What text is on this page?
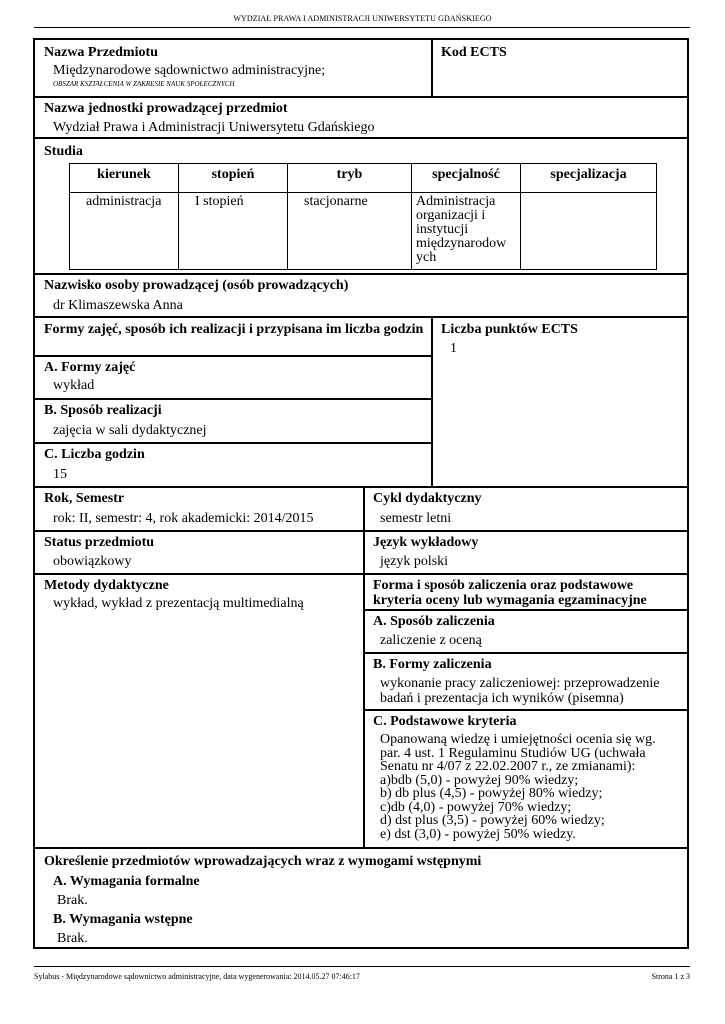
WYDZIAŁ PRAWA I ADMINISTRACJI UNIWERSYTETU GDAŃSKIEGO
Nazwa Przedmiotu
Międzynarodowe sądownictwo administracyjne;
OBSZAR KSZTAŁCENIA W ZAKRESIE NAUK SPOŁECZNYCH
Kod ECTS
Nazwa jednostki prowadzącej przedmiot
Wydział Prawa i Administracji Uniwersytetu Gdańskiego
Studia
kierunek	stopień	tryb	specjalność	specjalizacja
administracja	I stopień	stacjonarne	Administracja organizacji i instytucji międzynarodow ych	
Nazwisko osoby prowadzącej (osób prowadzących)
dr Klimaszewska Anna
Formy zajęć, sposób ich realizacji i przypisana im liczba godzin
A. Formy zajęć
wykład
B. Sposób realizacji
zajęcia w sali dydaktycznej
C. Liczba godzin
15
Liczba punktów ECTS
1
Rok, Semestr
rok: II, semestr: 4, rok akademicki: 2014/2015
Cykl dydaktyczny
semestr letni
Status przedmiotu
obowiązkowy
Język wykładowy
język polski
Metody dydaktyczne
wykład, wykład z prezentacją multimedialną
Forma i sposób zaliczenia oraz podstawowe kryteria oceny lub wymagania egzaminacyjne
A. Sposób zaliczenia
zaliczenie z oceną
B. Formy zaliczenia
wykonanie pracy zaliczeniowej: przeprowadzenie badań i prezentacja ich wyników (pisemna)
C. Podstawowe kryteria
Opanowaną wiedzę i umiejętności ocenia się wg.
par. 4 ust. 1 Regulaminu Studiów UG (uchwała
Senatu nr 4/07 z 22.02.2007 r., ze zmianami):
a)bdb (5,0) - powyżej 90% wiedzy;
b) db plus (4,5) - powyżej 80% wiedzy;
c)db (4,0) - powyżej 70% wiedzy;
d) dst plus (3,5) - powyżej 60% wiedzy;
e) dst (3,0) - powyżej 50% wiedzy.
Określenie przedmiotów wprowadzających wraz z wymogami wstępnymi
A. Wymagania formalne
Brak.
B. Wymagania wstępne
Brak.
Sylabus - Międzynarodowe sądownictwo administracyjne, data wygenerowania: 2014.05.27 07:46:17	Strona 1 z 3
